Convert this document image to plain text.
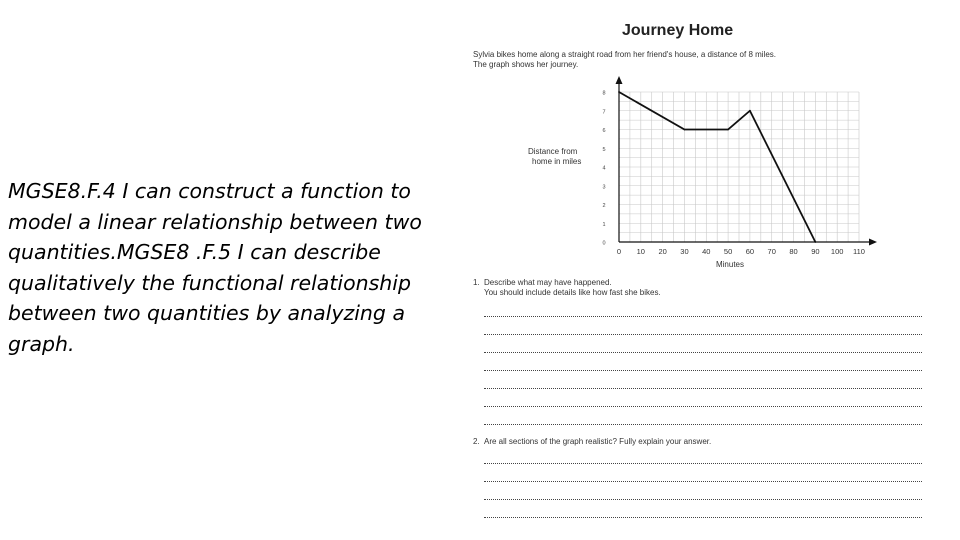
MGSE8.F.4 I can construct a function to model a linear relationship between two quantities.MGSE8 .F.5 I can describe qualitatively the functional relationship between two quantities by analyzing a graph.
Journey Home
Sylvia bikes home along a straight road from her friend's house, a distance of 8 miles.
The graph shows her journey.
0 10 20 30 40 50 60 70 80 90 100 110
0
1
2
3
4
5
6
7
8
Distance from
home in miles
Minutes
1. Describe what may have happened.
You should include details like how fast she bikes.
2. Are all sections of the graph realistic? Fully explain your answer.
